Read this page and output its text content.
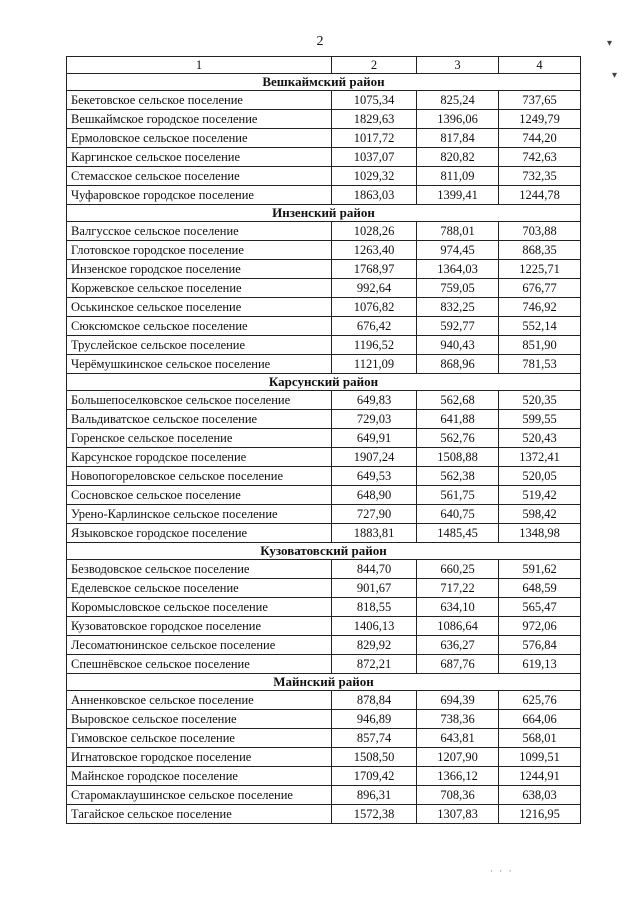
2	▾
▾
· · ·
1	2	3	4
Вешкаймский район			
Бекетовское сельское поселение	1075,34	825,24	737,65
Вешкаймское городское поселение	1829,63	1396,06	1249,79
Ермоловское сельское поселение	1017,72	817,84	744,20
Каргинское сельское поселение	1037,07	820,82	742,63
Стемасское сельское поселение	1029,32	811,09	732,35
Чуфаровское городское поселение	1863,03	1399,41	1244,78
Инзенский район			
Валгусское сельское поселение	1028,26	788,01	703,88
Глотовское городское поселение	1263,40	974,45	868,35
Инзенское городское поселение	1768,97	1364,03	1225,71
Коржевское сельское поселение	992,64	759,05	676,77
Оськинское сельское поселение	1076,82	832,25	746,92
Сюксюмское сельское поселение	676,42	592,77	552,14
Труслейское сельское поселение	1196,52	940,43	851,90
Черёмушкинское сельское поселение	1121,09	868,96	781,53
Карсунский район			
Большепоселковское сельское поселение	649,83	562,68	520,35
Вальдиватское сельское поселение	729,03	641,88	599,55
Горенское сельское поселение	649,91	562,76	520,43
Карсунское городское поселение	1907,24	1508,88	1372,41
Новопогореловское сельское поселение	649,53	562,38	520,05
Сосновское сельское поселение	648,90	561,75	519,42
Урено-Карлинское сельское поселение	727,90	640,75	598,42
Языковское городское поселение	1883,81	1485,45	1348,98
Кузоватовский район			
Безводовское сельское поселение	844,70	660,25	591,62
Еделевское сельское поселение	901,67	717,22	648,59
Коромысловское сельское поселение	818,55	634,10	565,47
Кузоватовское городское поселение	1406,13	1086,64	972,06
Лесоматюнинское сельское поселение	829,92	636,27	576,84
Спешнёвское сельское поселение	872,21	687,76	619,13
Майнский район			
Анненковское сельское поселение	878,84	694,39	625,76
Выровское сельское поселение	946,89	738,36	664,06
Гимовское сельское поселение	857,74	643,81	568,01
Игнатовское городское поселение	1508,50	1207,90	1099,51
Майнское городское поселение	1709,42	1366,12	1244,91
Старомаклаушинское сельское поселение	896,31	708,36	638,03
Тагайское сельское поселение	1572,38	1307,83	1216,95
